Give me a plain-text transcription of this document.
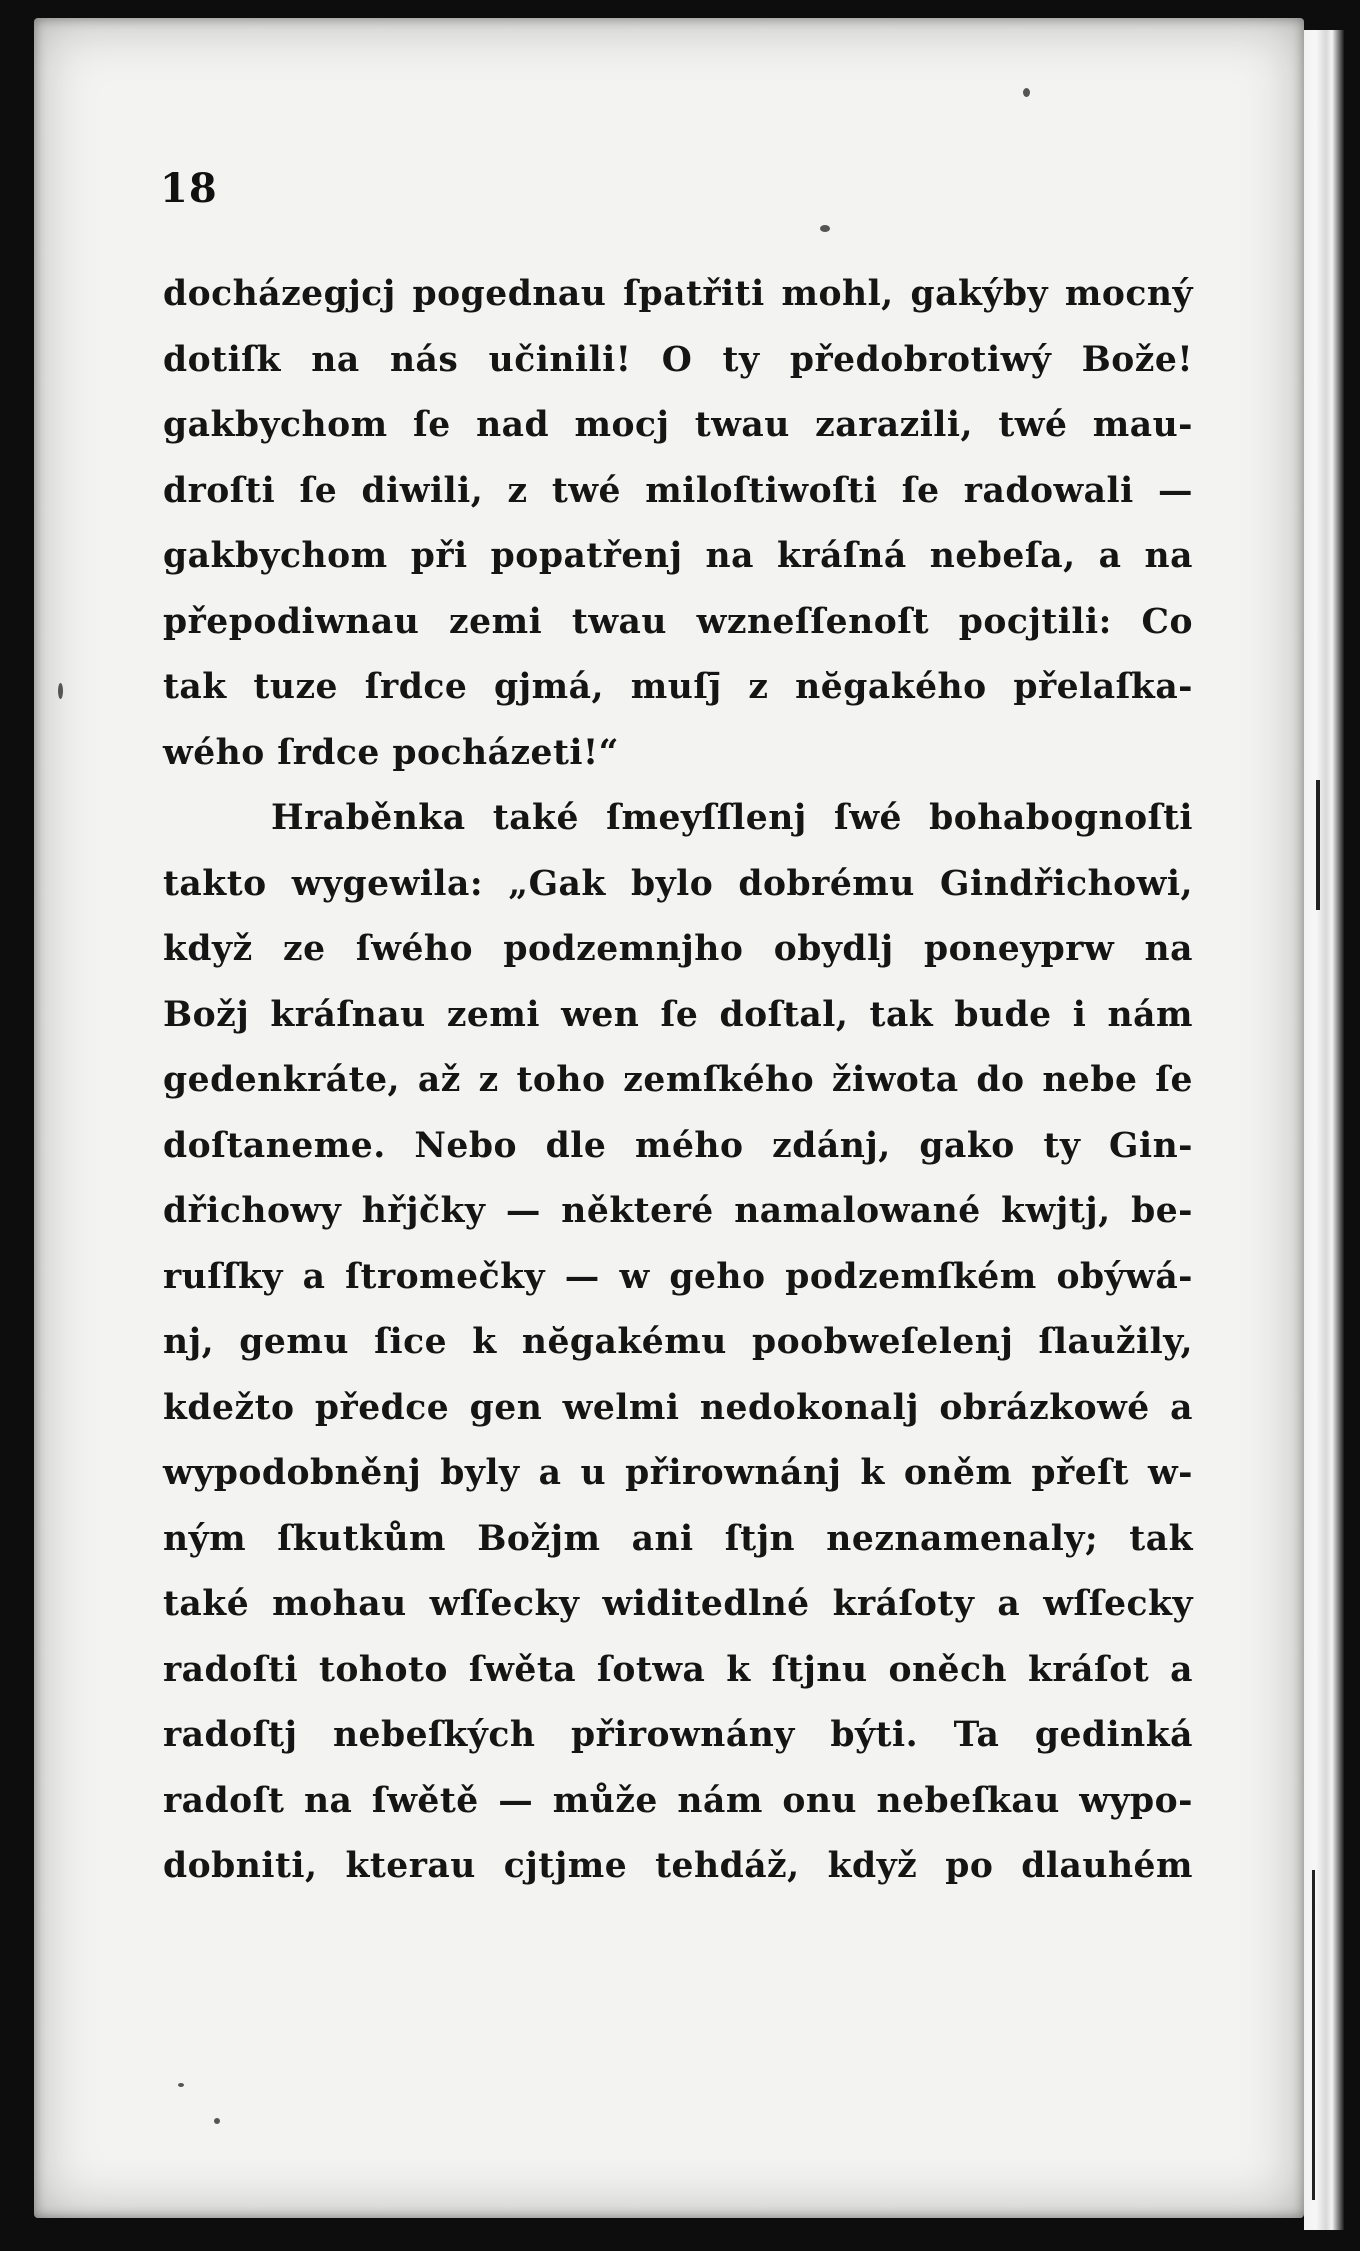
18
docházegjcj pogednau ſpatřiti mohl, gakýby mocný
dotiſk na nás učinili! O ty předobrotiwý Bože!
gakbychom ſe nad mocj twau zarazili, twé mau-
droſti ſe diwili, z twé miloſtiwoſti ſe radowali —
gakbychom při popatřenj na kráſná nebeſa, a na
přepodiwnau zemi twau wzneſſenoſt pocjtili: Co
tak tuze ſrdce gjmá, muſj̄ z nĕgakého přelaſka-
wého ſrdce pocházeti!“
Hraběnka také ſmeyſſlenj ſwé bohabognoſti
takto wygewila: „Gak bylo dobrému Gindřichowi,
když ze ſwého podzemnjho obydlj poneyprw na
Božj kráſnau zemi wen ſe doſtal, tak bude i nám
gedenkráte, až z toho zemſkého žiwota do nebe ſe
doſtaneme. Nebo dle mého zdánj, gako ty Gin-
dřichowy hřjčky — některé namalowané kwjtj, be-
ruſſky a ſtromečky — w geho podzemſkém obýwá-
nj, gemu ſice k nĕgakému poobweſelenj ſlaužily,
kdežto předce gen welmi nedokonalj obrázkowé a
wypodobněnj byly a u přirownánj k oněm přeſt w-
ným ſkutkům Božjm ani ſtjn neznamenaly; tak
také mohau wſſecky widitedlné kráſoty a wſſecky
radoſti tohoto ſwěta ſotwa k ſtjnu oněch kráſot a
radoſtj nebeſkých přirownány býti. Ta gedinká
radoſt na ſwětě — může nám onu nebeſkau wypo-
dobniti, kterau cjtjme tehdáž, když po dlauhém
